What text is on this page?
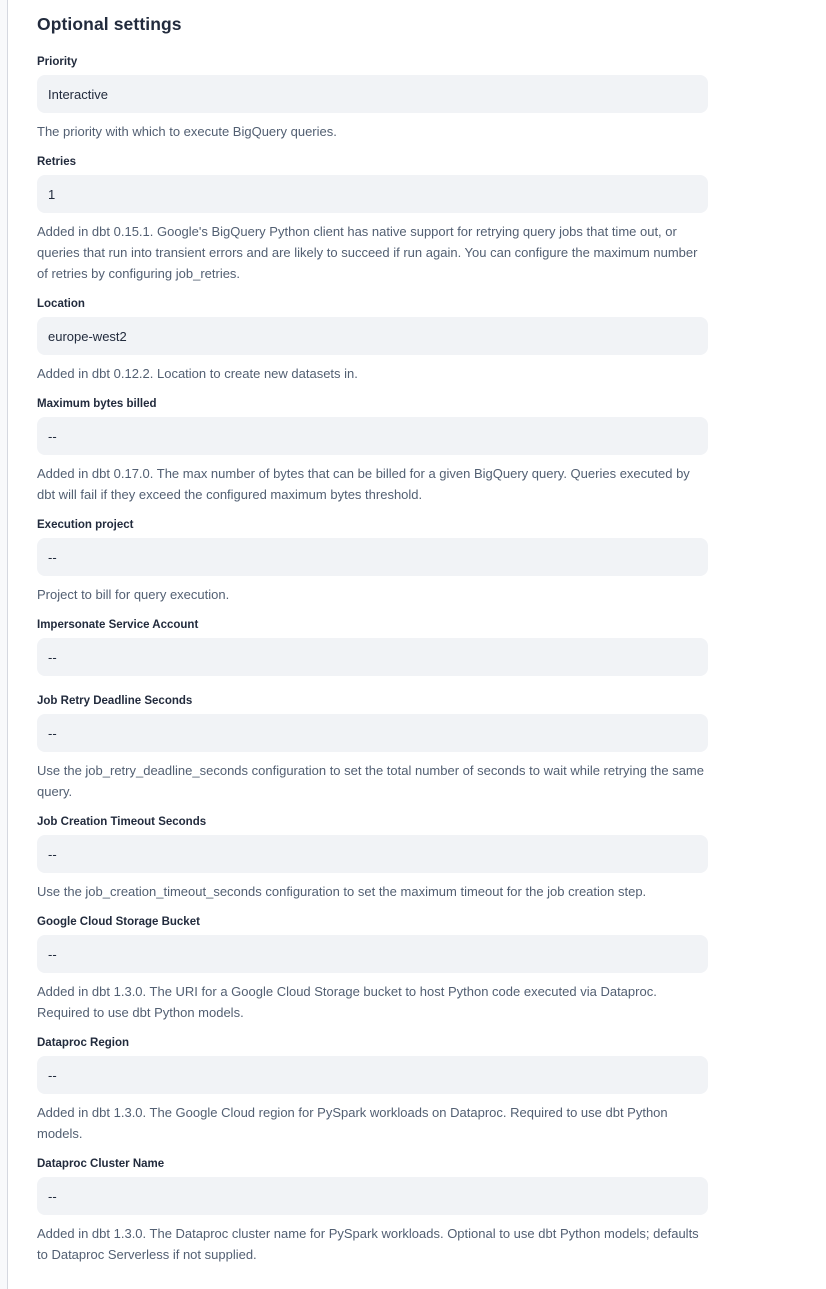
Optional settings
Priority
Interactive

The priority with which to execute BigQuery queries.

Retries
1

Added in dbt 0.15.1. Google's BigQuery Python client has native support for retrying query jobs that time out, or queries that run into transient errors and are likely to succeed if run again. You can configure the maximum number of retries by configuring job_retries.

Location
europe-west2

Added in dbt 0.12.2. Location to create new datasets in.

Maximum bytes billed
--

Added in dbt 0.17.0. The max number of bytes that can be billed for a given BigQuery query. Queries executed by dbt will fail if they exceed the configured maximum bytes threshold.

Execution project
--

Project to bill for query execution.

Impersonate Service Account
--
Job Retry Deadline Seconds
--

Use the job_retry_deadline_seconds configuration to set the total number of seconds to wait while retrying the same query.

Job Creation Timeout Seconds
--

Use the job_creation_timeout_seconds configuration to set the maximum timeout for the job creation step.

Google Cloud Storage Bucket
--

Added in dbt 1.3.0. The URI for a Google Cloud Storage bucket to host Python code executed via Dataproc. Required to use dbt Python models.

Dataproc Region
--

Added in dbt 1.3.0. The Google Cloud region for PySpark workloads on Dataproc. Required to use dbt Python models.

Dataproc Cluster Name
--

Added in dbt 1.3.0. The Dataproc cluster name for PySpark workloads. Optional to use dbt Python models; defaults to Dataproc Serverless if not supplied.
